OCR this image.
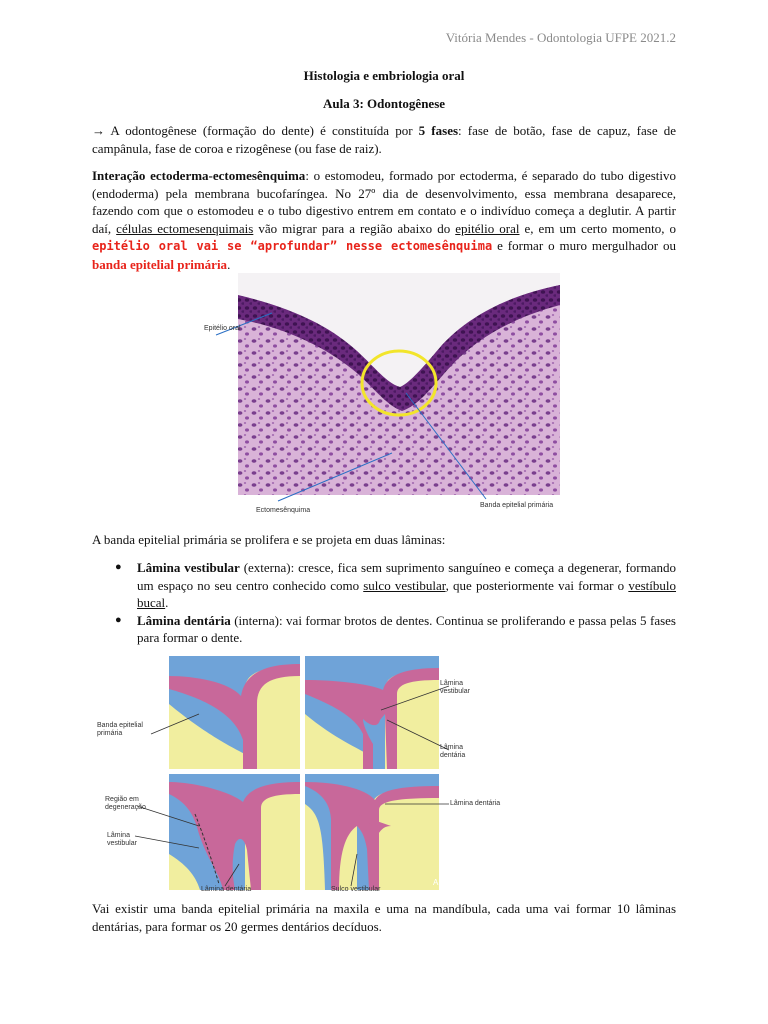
Vitória Mendes - Odontologia UFPE 2021.2
Histologia e embriologia oral
Aula 3: Odontogênese

→ A odontogênese (formação do dente) é constituída por 5 fases: fase de botão, fase de capuz, fase de campânula, fase de coroa e rizogênese (ou fase de raiz).

Interação ectoderma-ectomesênquima: o estomodeu, formado por ectoderma, é separado do tubo digestivo (endoderma) pela membrana bucofaríngea. No 27º dia de desenvolvimento, essa membrana desaparece, fazendo com que o estomodeu e o tubo digestivo entrem em contato e o indivíduo começa a deglutir. A partir daí, células ectomesenquimais vão migrar para a região abaixo do epitélio oral e, em um certo momento, o epitélio oral vai se “aprofundar” nesse ectomesênquima e formar o muro mergulhador ou banda epitelial primária.

Epitélio oral
Ectomesênquima
Banda epitelial primária

A banda epitelial primária se prolifera e se projeta em duas lâminas:

● Lâmina vestibular (externa): cresce, fica sem suprimento sanguíneo e começa a degenerar, formando um espaço no seu centro conhecido como sulco vestibular, que posteriormente vai formar o vestíbulo bucal.
● Lâmina dentária (interna): vai formar brotos de dentes. Continua se proliferando e passa pelas 5 fases para formar o dente.
A
Banda epitelial primária
Lâmina vestibular
Lâmina dentária
Região em degeneração
Lâmina vestibular
Lâmina dentária
Lâmina dentária	Sulco vestibular

Vai existir uma banda epitelial primária na maxila e uma na mandíbula, cada uma vai formar 10 lâminas dentárias, para formar os 20 germes dentários decíduos.
